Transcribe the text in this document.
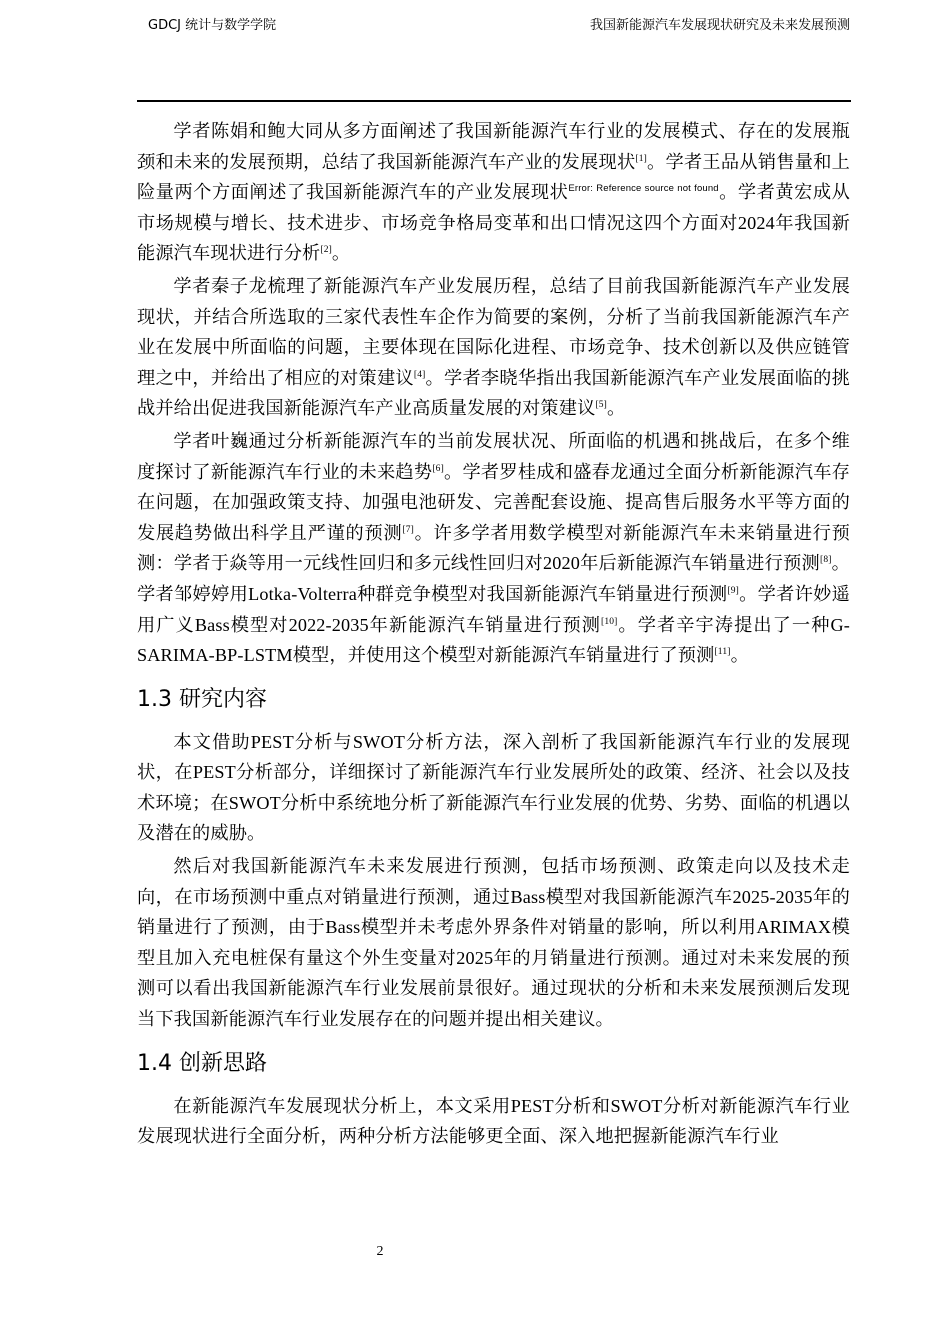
GDCJ 统计与数学学院	我国新能源汽车发展现状研究及未来发展预测

学者陈娟和鲍大同从多方面阐述了我国新能源汽车行业的发展模式、存在的发展瓶颈和未来的发展预期，总结了我国新能源汽车产业的发展现状[1]。学者王品从销售量和上险量两个方面阐述了我国新能源汽车的产业发展现状$^{Error: Reference source not found}$。学者黄宏成从市场规模与增长、技术进步、市场竞争格局变革和出口情况这四个方面对2024年我国新能源汽车现状进行分析[2]。

学者秦子龙梳理了新能源汽车产业发展历程，总结了目前我国新能源汽车产业发展现状，并结合所选取的三家代表性车企作为简要的案例，分析了当前我国新能源汽车产业在发展中所面临的问题，主要体现在国际化进程、市场竞争、技术创新以及供应链管理之中，并给出了相应的对策建议[4]。学者李晓华指出我国新能源汽车产业发展面临的挑战并给出促进我国新能源汽车产业高质量发展的对策建议[5]。

学者叶巍通过分析新能源汽车的当前发展状况、所面临的机遇和挑战后，在多个维度探讨了新能源汽车行业的未来趋势[6]。学者罗桂成和盛春龙通过全面分析新能源汽车存在问题，在加强政策支持、加强电池研发、完善配套设施、提高售后服务水平等方面的发展趋势做出科学且严谨的预测[7]。许多学者用数学模型对新能源汽车未来销量进行预测：学者于焱等用一元线性回归和多元线性回归对2020年后新能源汽车销量进行预测[8]。学者邹婷婷用Lotka-Volterra种群竞争模型对我国新能源汽车销量进行预测[9]。学者许妙遥用广义Bass模型对2022-2035年新能源汽车销量进行预测[10]。学者辛宇涛提出了一种G-SARIMA-BP-LSTM模型，并使用这个模型对新能源汽车销量进行了预测[11]。

1.3 研究内容

本文借助PEST分析与SWOT分析方法，深入剖析了我国新能源汽车行业的发展现状，在PEST分析部分，详细探讨了新能源汽车行业发展所处的政策、经济、社会以及技术环境；在SWOT分析中系统地分析了新能源汽车行业发展的优势、劣势、面临的机遇以及潜在的威胁。

然后对我国新能源汽车未来发展进行预测，包括市场预测、政策走向以及技术走向，在市场预测中重点对销量进行预测，通过Bass模型对我国新能源汽车2025-2035年的销量进行了预测，由于Bass模型并未考虑外界条件对销量的影响，所以利用ARIMAX模型且加入充电桩保有量这个外生变量对2025年的月销量进行预测。通过对未来发展的预测可以看出我国新能源汽车行业发展前景很好。通过现状的分析和未来发展预测后发现当下我国新能源汽车行业发展存在的问题并提出相关建议。

1.4 创新思路

在新能源汽车发展现状分析上，本文采用PEST分析和SWOT分析对新能源汽车行业发展现状进行全面分析，两种分析方法能够更全面、深入地把握新能源汽车行业

2
